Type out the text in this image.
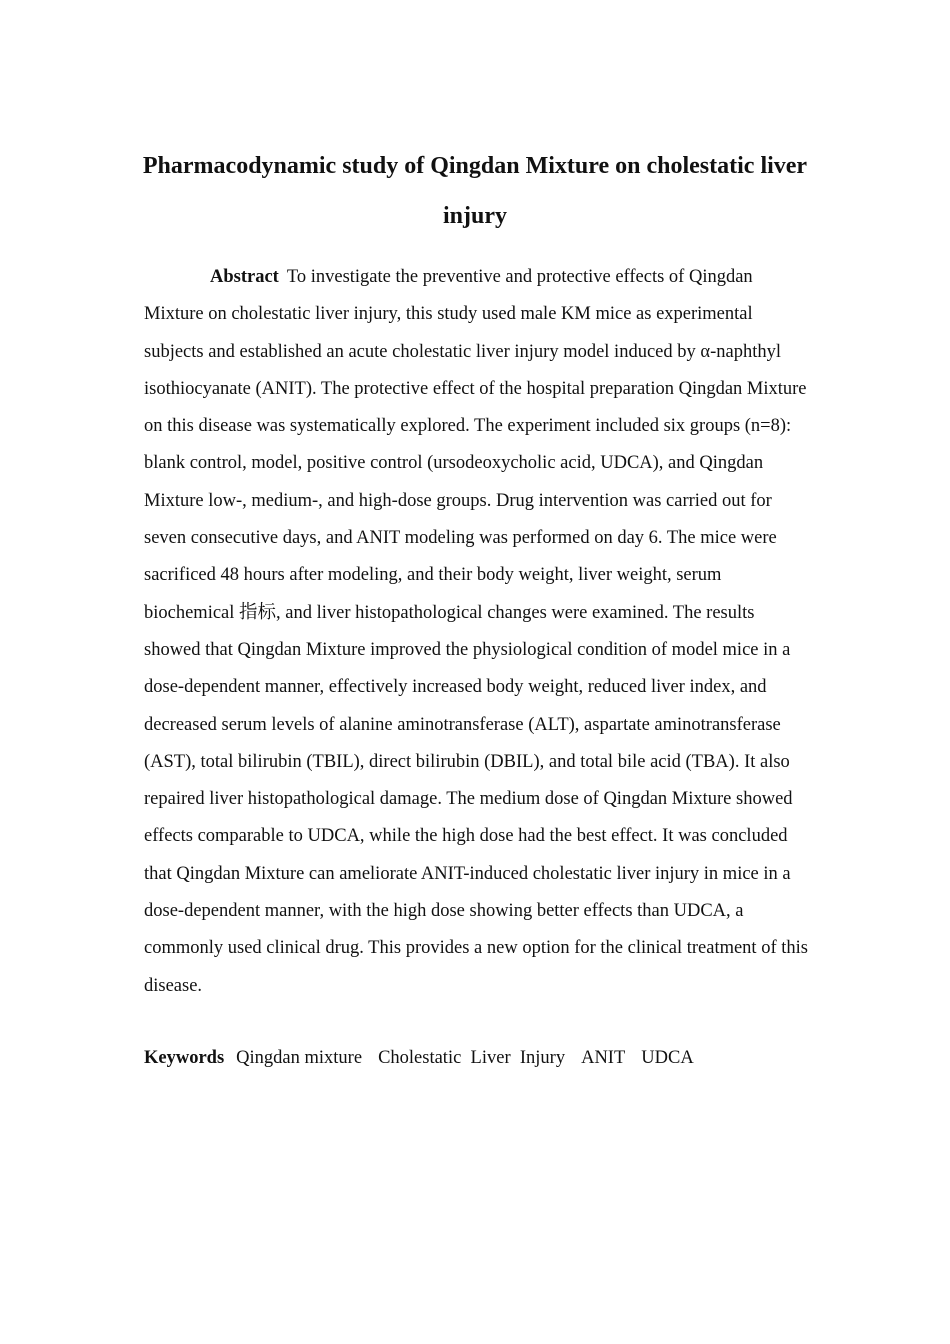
Pharmacodynamic study of Qingdan Mixture on cholestatic liver injury

Abstract To investigate the preventive and protective effects of Qingdan Mixture on cholestatic liver injury, this study used male KM mice as experimental subjects and established an acute cholestatic liver injury model induced by α-naphthyl isothiocyanate (ANIT). The protective effect of the hospital preparation Qingdan Mixture on this disease was systematically explored. The experiment included six groups (n=8): blank control, model, positive control (ursodeoxycholic acid, UDCA), and Qingdan Mixture low-, medium-, and high-dose groups. Drug intervention was carried out for seven consecutive days, and ANIT modeling was performed on day 6. The mice were sacrificed 48 hours after modeling, and their body weight, liver weight, serum biochemical 指标, and liver histopathological changes were examined. The results showed that Qingdan Mixture improved the physiological condition of model mice in a dose-dependent manner, effectively increased body weight, reduced liver index, and decreased serum levels of alanine aminotransferase (ALT), aspartate aminotransferase (AST), total bilirubin (TBIL), direct bilirubin (DBIL), and total bile acid (TBA). It also repaired liver histopathological damage. The medium dose of Qingdan Mixture showed effects comparable to UDCA, while the high dose had the best effect. It was concluded that Qingdan Mixture can ameliorate ANIT-induced cholestatic liver injury in mice in a dose-dependent manner, with the high dose showing better effects than UDCA, a commonly used clinical drug. This provides a new option for the clinical treatment of this disease.

Keywords Qingdan mixture Cholestatic  Liver  Injury ANIT UDCA
